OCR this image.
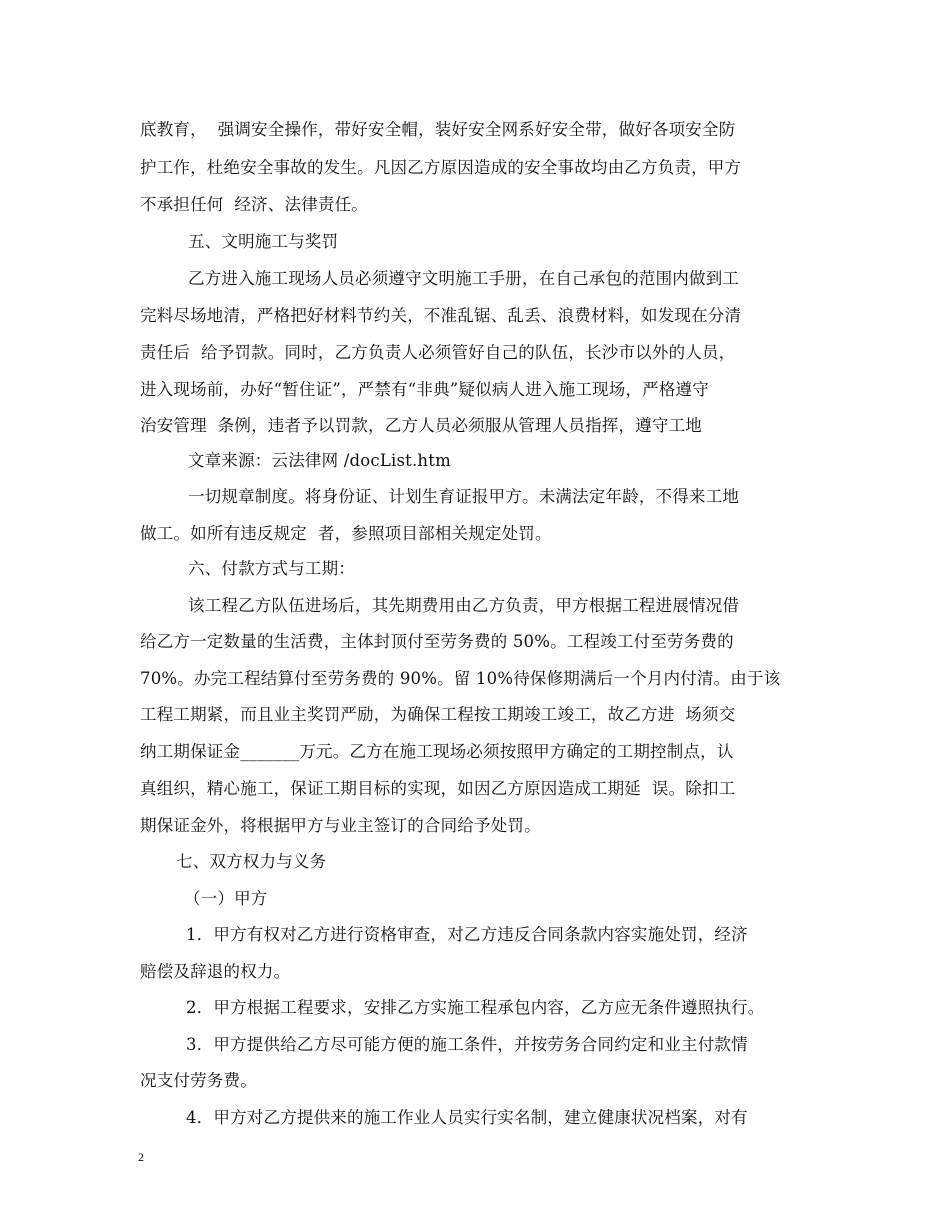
底教育，  强调安全操作，带好安全帽，装好安全网系好安全带，做好各项安全防
护工作，杜绝安全事故的发生。凡因乙方原因造成的安全事故均由乙方负责，甲方
不承担任何  经济、法律责任。
五、文明施工与奖罚
乙方进入施工现场人员必须遵守文明施工手册，在自己承包的范围内做到工
完料尽场地清，严格把好材料节约关，不准乱锯、乱丢、浪费材料，如发现在分清
责任后  给予罚款。同时，乙方负责人必须管好自己的队伍，长沙市以外的人员，
进入现场前，办好“暂住证”，严禁有“非典”疑似病人进入施工现场，严格遵守
治安管理  条例，违者予以罚款，乙方人员必须服从管理人员指挥，遵守工地
文章来源：云法律网 /docList.htm
一切规章制度。将身份证、计划生育证报甲方。未满法定年龄，不得来工地
做工。如所有违反规定  者，参照项目部相关规定处罚。
六、付款方式与工期：
该工程乙方队伍进场后，其先期费用由乙方负责，甲方根据工程进展情况借
给乙方一定数量的生活费，主体封顶付至劳务费的 50%。工程竣工付至劳务费的
70%。办完工程结算付至劳务费的 90%。留 10%待保修期满后一个月内付清。由于该
工程工期紧，而且业主奖罚严励，为确保工程按工期竣工竣工，故乙方进  场须交
纳工期保证金_______万元。乙方在施工现场必须按照甲方确定的工期控制点，认
真组织，精心施工，保证工期目标的实现，如因乙方原因造成工期延  误。除扣工
期保证金外，将根据甲方与业主签订的合同给予处罚。
七、双方权力与义务
（一）甲方
1．甲方有权对乙方进行资格审查，对乙方违反合同条款内容实施处罚，经济
赔偿及辞退的权力。
2．甲方根据工程要求，安排乙方实施工程承包内容，乙方应无条件遵照执行。
3．甲方提供给乙方尽可能方便的施工条件，并按劳务合同约定和业主付款情
况支付劳务费。
4．甲方对乙方提供来的施工作业人员实行实名制，建立健康状况档案，对有
2
